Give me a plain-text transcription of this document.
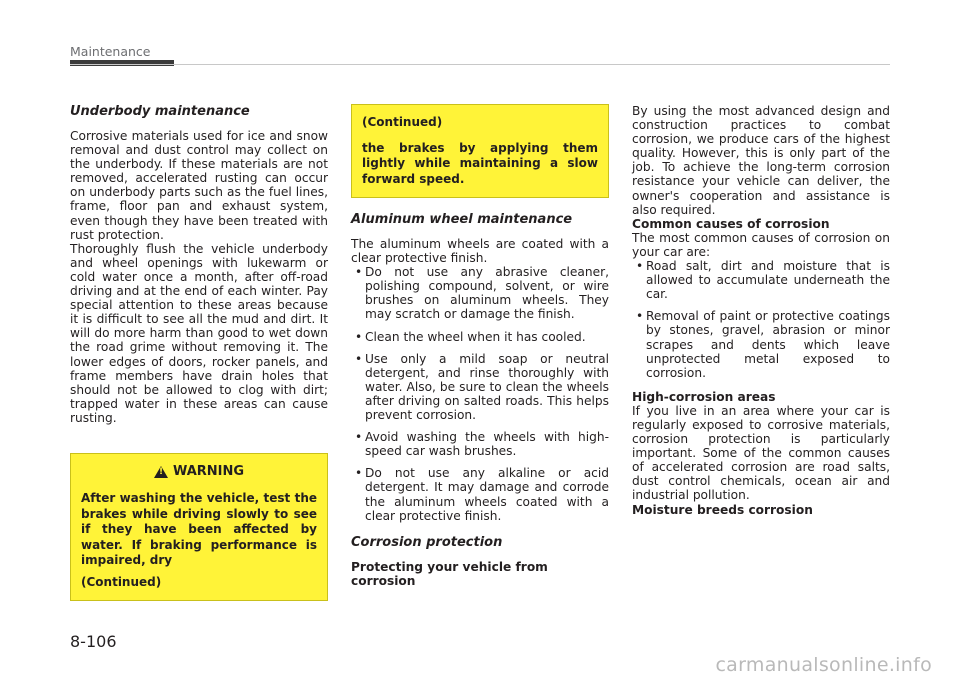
Maintenance
Underbody maintenance

Corrosive materials used for ice and snow removal and dust control may collect on the underbody. If these materials are not removed, accelerated rusting can occur on underbody parts such as the fuel lines, frame, floor pan and exhaust system, even though they have been treated with rust protection.

Thoroughly flush the vehicle underbody and wheel openings with lukewarm or cold water once a month, after off-road driving and at the end of each winter. Pay special attention to these areas because it is difficult to see all the mud and dirt. It will do more harm than good to wet down the road grime without removing it. The lower edges of doors, rocker panels, and frame members have drain holes that should not be allowed to clog with dirt; trapped water in these areas can cause rusting.

!
WARNING

After washing the vehicle, test the brakes while driving slowly to see if they have been affected by water. If braking performance is impaired, dry

(Continued)

(Continued)

the brakes by applying them lightly while maintaining a slow forward speed.

Aluminum wheel maintenance

The aluminum wheels are coated with a clear protective finish.

• Do not use any abrasive cleaner, polishing compound, solvent, or wire brushes on aluminum wheels. They may scratch or damage the finish.
• Clean the wheel when it has cooled.
• Use only a mild soap or neutral detergent, and rinse thoroughly with water. Also, be sure to clean the wheels after driving on salted roads. This helps prevent corrosion.
• Avoid washing the wheels with high-speed car wash brushes.
• Do not use any alkaline or acid detergent. It may damage and corrode the aluminum wheels coated with a clear protective finish.
Corrosion protection

Protecting your vehicle from corrosion

By using the most advanced design and construction practices to combat corrosion, we produce cars of the highest quality. However, this is only part of the job. To achieve the long-term corrosion resistance your vehicle can deliver, the owner's cooperation and assistance is also required.

Common causes of corrosion

The most common causes of corrosion on your car are:

• Road salt, dirt and moisture that is allowed to accumulate underneath the car.
• Removal of paint or protective coatings by stones, gravel, abrasion or minor scrapes and dents which leave unprotected metal exposed to corrosion.

High-corrosion areas

If you live in an area where your car is regularly exposed to corrosive materials, corrosion protection is particularly important. Some of the common causes of accelerated corrosion are road salts, dust control chemicals, ocean air and industrial pollution.

Moisture breeds corrosion

8-106
carmanualsonline.info
